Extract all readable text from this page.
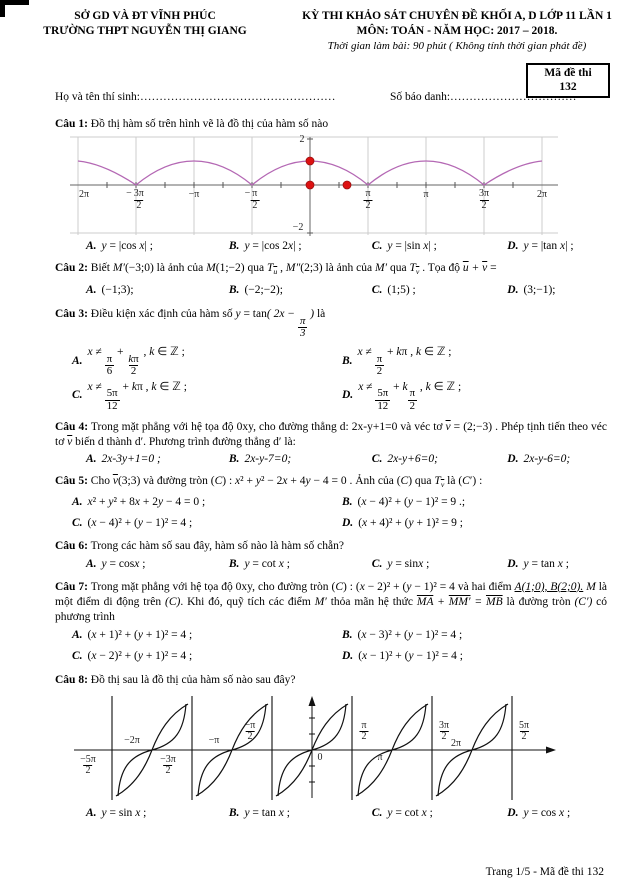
SỞ GD VÀ ĐT VĨNH PHÚC
TRƯỜNG THPT NGUYỄN THỊ GIANG
KỲ THI KHẢO SÁT CHUYÊN ĐỀ KHỐI A, D LỚP 11 LẦN 1
MÔN: TOÁN - NĂM HỌC: 2017 – 2018.
Thời gian làm bài: 90 phút ( Không tính thời gian phát đề)
Mã đề thi
132
Họ và tên thí sinh:……………………………………………	Số báo danh:……………………………
Câu 1: Đồ thị hàm số trên hình vẽ là đồ thị của hàm số nào
2π	− $\frac{3\pi}{2}$	−π	− $\frac{\pi}{2}$	$\frac{\pi}{2}$	π	$\frac{3\pi}{2}$	2π
2
−2
A. y = |cos x| ;	B. y = |cos 2x| ;	C. y = |sin x| ;	D. y = |tan x| ;
Câu 2: Biết M′(−3;0) là ảnh của M(1;−2) qua $T_{\overline{u}}$ , M″(2;3) là ảnh của M′ qua $T_{\overline{v}}$ . Tọa độ $\overline{u} + \overline{v}$ =
A. (−1;3);	B. (−2;−2);	C. (1;5) ;	D. (3;−1);
Câu 3: Điều kiện xác định của hàm số y = tan( 2x −
$\frac{\pi}{3}$
) là
A.
x ≠
$\frac{\pi}{6}$
+
$\frac{k\pi}{2}$
, k ∈ ℤ ;
B.
x ≠
$\frac{\pi}{2}$
+ kπ , k ∈ ℤ ;
C.
x ≠
$\frac{5\pi}{12}$
+ kπ , k ∈ ℤ ;
D.
x ≠
$\frac{5\pi}{12}$
+ k
$\frac{\pi}{2}$
, k ∈ ℤ ;
Câu 4: Trong mặt phẳng với hệ tọa độ 0xy, cho đường thẳng d: 2x-y+1=0 và véc tơ $\overline{v}$ = (2;−3) . Phép tịnh tiến theo véc tơ $\overline{v}$ biến d thành d′. Phương trình đường thẳng d′ là:
A. 2x-3y+1=0 ;	B. 2x-y-7=0;	C. 2x-y+6=0;	D. 2x-y-6=0;
Câu 5: Cho $\overline{v}(3;3)$ và đường tròn (C) : x² + y² − 2x + 4y − 4 = 0 . Ảnh của (C) qua $T_{\overline{v}}$ là (C′) :
A. x² + y² + 8x + 2y − 4 = 0 ;	B. (x − 4)² + (y − 1)² = 9 .;
C. (x − 4)² + (y − 1)² = 4 ;	D. (x + 4)² + (y + 1)² = 9 ;
Câu 6: Trong các hàm số sau đây, hàm số nào là hàm số chẵn?
A. y = cosx ;	B. y = cot x ;	C. y = sinx ;	D. y = tan x ;
Câu 7: Trong mặt phẳng với hệ tọa độ 0xy, cho đường tròn (C) : (x − 2)² + (y − 1)² = 4 và hai điểm A(1;0), B(2;0). M là một điểm di động trên (C). Khi đó, quỹ tích các điểm M′ thỏa mãn hệ thức $\overline{MA} + MM' = \overline{MB}$ là đường tròn (C′) có phương trình
A. (x + 1)² + (y + 1)² = 4 ;	B. (x − 3)² + (y − 1)² = 4 ;
C. (x − 2)² + (y + 1)² = 4 ;	D. (x − 1)² + (y − 1)² = 4 ;
Câu 8: Đồ thị sau là đồ thị của hàm số nào sau đây?
$\frac{-5\pi}{2}$	$\frac{-3\pi}{2}$
$\frac{-\pi}{2}$	$\frac{\pi}{2}$	$\frac{3\pi}{2}$	$\frac{5\pi}{2}$
−2π	−π
0	π
2π
A. y = sin x ;	B. y = tan x ;	C. y = cot x ;	D. y = cos x ;
Trang 1/5 - Mã đề thi 132
